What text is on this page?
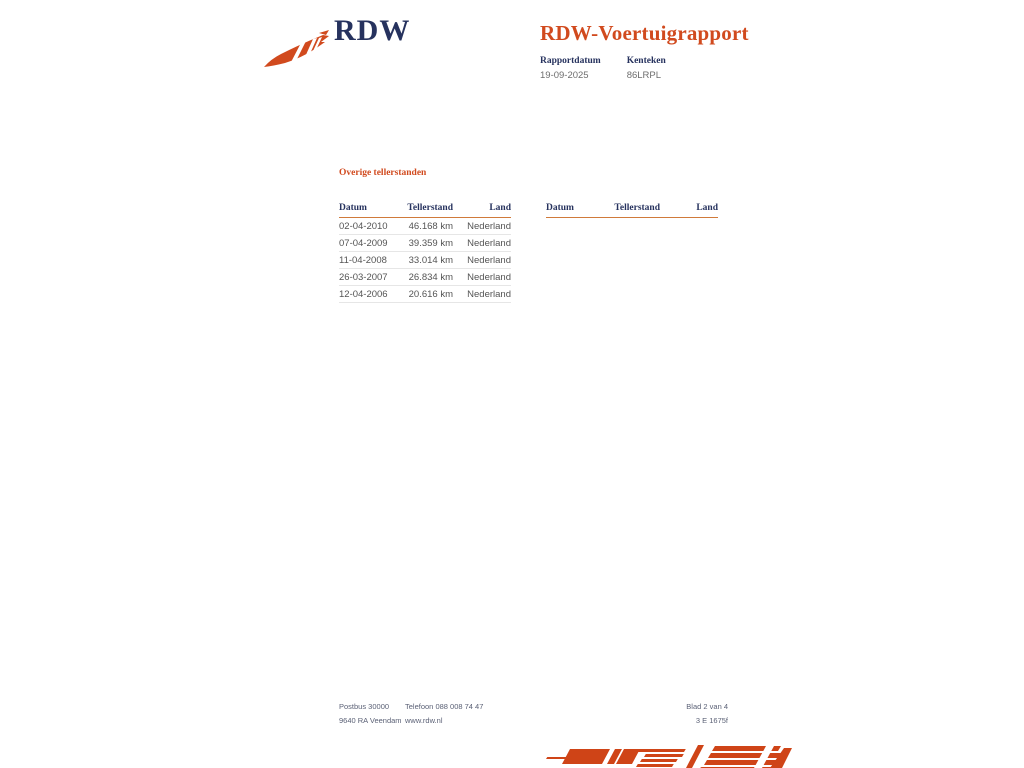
RDW	RDW-Voertuigrapport
Rapportdatum
19-09-2025
Kenteken
86LRPL
Overige tellerstanden
Datum	Tellerstand	Land
02-04-2010	46.168 km	Nederland
07-04-2009	39.359 km	Nederland
11-04-2008	33.014 km	Nederland
26-03-2007	26.834 km	Nederland
12-04-2006	20.616 km	Nederland
Datum	Tellerstand	Land
Postbus 30000
9640 RA Veendam
Telefoon 088 008 74 47
www.rdw.nl
Blad 2 van 4
3 E 1675f
